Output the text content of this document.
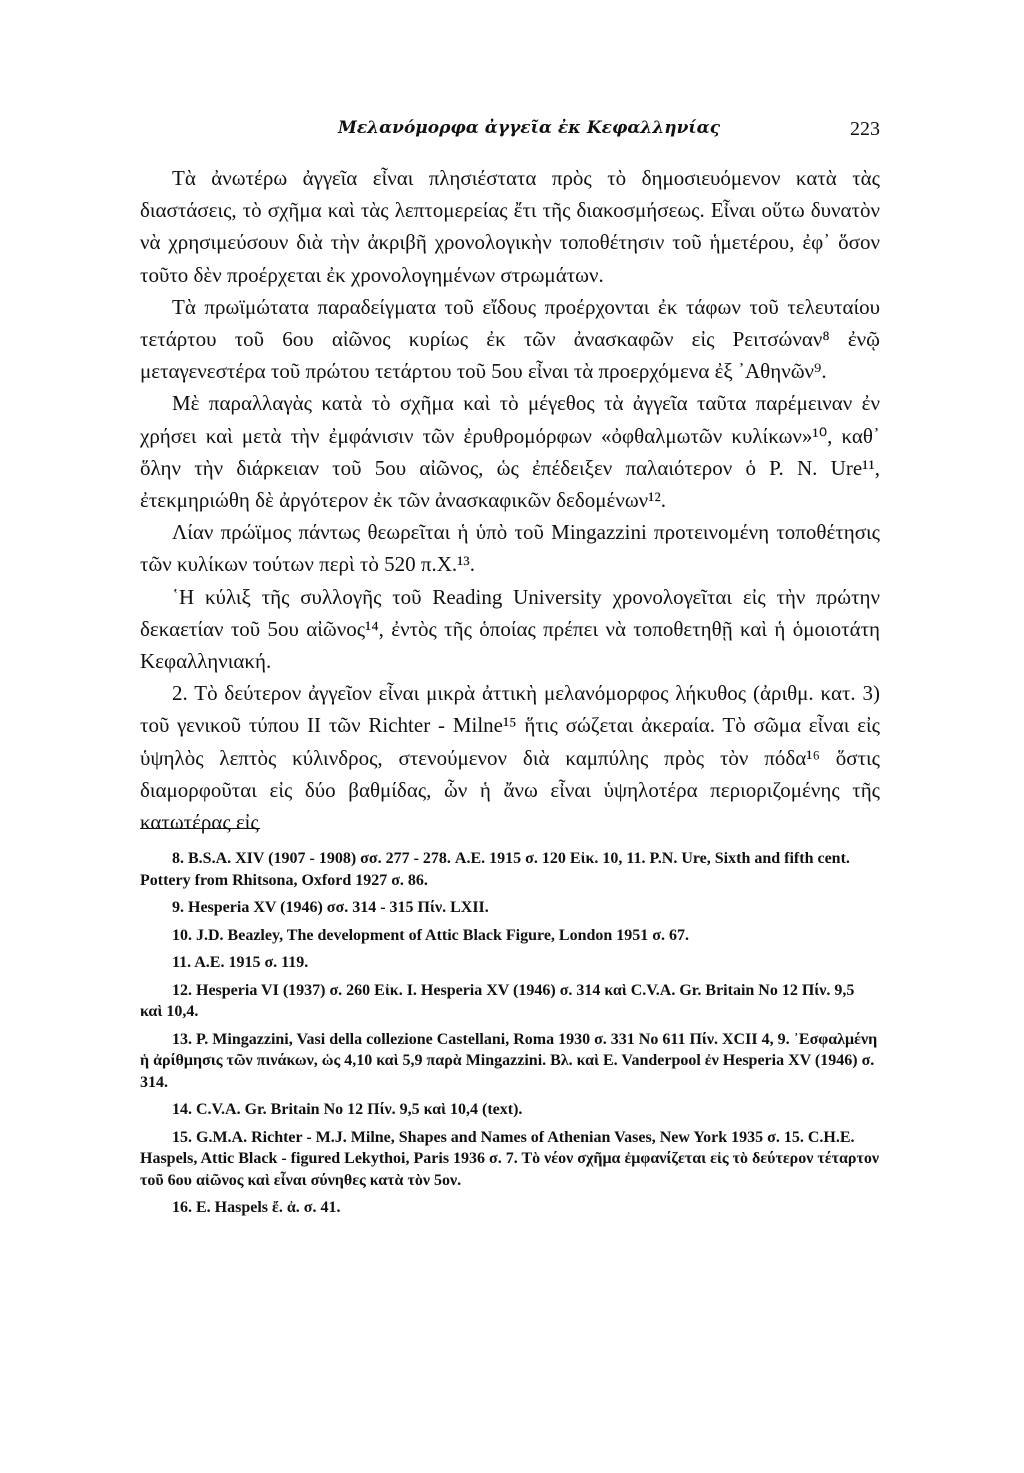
Μελανόμορφα ἀγγεῖα ἐκ Κεφαλληνίας	223

Τὰ ἀνωτέρω ἀγγεῖα εἶναι πλησιέστατα πρὸς τὸ δημοσιευόμενον κατὰ τὰς διαστάσεις, τὸ σχῆμα καὶ τὰς λεπτομερείας ἔτι τῆς διακοσμήσεως. Εἶναι οὕτω δυνατὸν νὰ χρησιμεύσουν διὰ τὴν ἀκριβῆ χρονολογικὴν τοποθέτησιν τοῦ ἡμετέρου, ἐφ᾽ ὅσον τοῦτο δὲν προέρχεται ἐκ χρονολογημένων στρωμάτων.

Τὰ πρωϊμώτατα παραδείγματα τοῦ εἴδους προέρχονται ἐκ τάφων τοῦ τελευταίου τετάρτου τοῦ 6ου αἰῶνος κυρίως ἐκ τῶν ἀνασκαφῶν εἰς Ρειτσώναν⁸ ἐνῷ μεταγενεστέρα τοῦ πρώτου τετάρτου τοῦ 5ου εἶναι τὰ προερχόμενα ἐξ ᾿Αθηνῶν⁹.

Μὲ παραλλαγὰς κατὰ τὸ σχῆμα καὶ τὸ μέγεθος τὰ ἀγγεῖα ταῦτα παρέμειναν ἐν χρήσει καὶ μετὰ τὴν ἐμφάνισιν τῶν ἐρυθρομόρφων «ὀφθαλμωτῶν κυλίκων»¹⁰, καθ᾽ ὅλην τὴν διάρκειαν τοῦ 5ου αἰῶνος, ὡς ἐπέδειξεν παλαιότερον ὁ P. N. Ure¹¹, ἐτεκμηριώθη δὲ ἀργότερον ἐκ τῶν ἀνασκαφικῶν δεδομένων¹².

Λίαν πρώϊμος πάντως θεωρεῖται ἡ ὑπὸ τοῦ Mingazzini προτεινομένη τοποθέτησις τῶν κυλίκων τούτων περὶ τὸ 520 π.Χ.¹³.

῾Η κύλιξ τῆς συλλογῆς τοῦ Reading University χρονολογεῖται εἰς τὴν πρώτην δεκαετίαν τοῦ 5ου αἰῶνος¹⁴, ἐντὸς τῆς ὁποίας πρέπει νὰ τοποθετηθῇ καὶ ἡ ὁμοιοτάτη Κεφαλληνιακή.

2. Τὸ δεύτερον ἀγγεῖον εἶναι μικρὰ ἀττικὴ μελανόμορφος λήκυθος (ἀριθμ. κατ. 3) τοῦ γενικοῦ τύπου II τῶν Richter - Milne¹⁵ ἥτις σώζεται ἀκεραία. Τὸ σῶμα εἶναι εἰς ὑψηλὸς λεπτὸς κύλινδρος, στενούμενον διὰ καμπύλης πρὸς τὸν πόδα¹⁶ ὅστις διαμορφοῦται εἰς δύο βαθμίδας, ὧν ἡ ἄνω εἶναι ὑψηλοτέρα περιοριζομένης τῆς κατωτέρας εἰς

8. B.S.A. XIV (1907 - 1908) σσ. 277 - 278. A.E. 1915 σ. 120 Εἰκ. 10, 11. P.N. Ure, Sixth and fifth cent. Pottery from Rhitsona, Oxford 1927 σ. 86.

9. Hesperia XV (1946) σσ. 314 - 315 Πίν. LXII.

10. J.D. Beazley, The development of Attic Black Figure, London 1951 σ. 67.

11. A.E. 1915 σ. 119.

12. Hesperia VI (1937) σ. 260 Εἰκ. I. Hesperia XV (1946) σ. 314 καὶ C.V.A. Gr. Britain No 12 Πίν. 9,5 καὶ 10,4.

13. P. Mingazzini, Vasi della collezione Castellani, Roma 1930 σ. 331 No 611 Πίν. XCII 4, 9. ᾽Εσφαλμένη ἡ ἀρίθμησις τῶν πινάκων, ὡς 4,10 καὶ 5,9 παρὰ Mingazzini. Βλ. καὶ E. Vanderpool ἐν Hesperia XV (1946) σ. 314.

14. C.V.A. Gr. Britain No 12 Πίν. 9,5 καὶ 10,4 (text).

15. G.M.A. Richter - M.J. Milne, Shapes and Names of Athenian Vases, New York 1935 σ. 15. C.H.E. Haspels, Attic Black - figured Lekythoi, Paris 1936 σ. 7. Τὸ νέον σχῆμα ἐμφανίζεται εἰς τὸ δεύτερον τέταρτον τοῦ 6ου αἰῶνος καὶ εἶναι σύνηθες κατὰ τὸν 5ον.

16. E. Haspels ἔ. ἀ. σ. 41.
